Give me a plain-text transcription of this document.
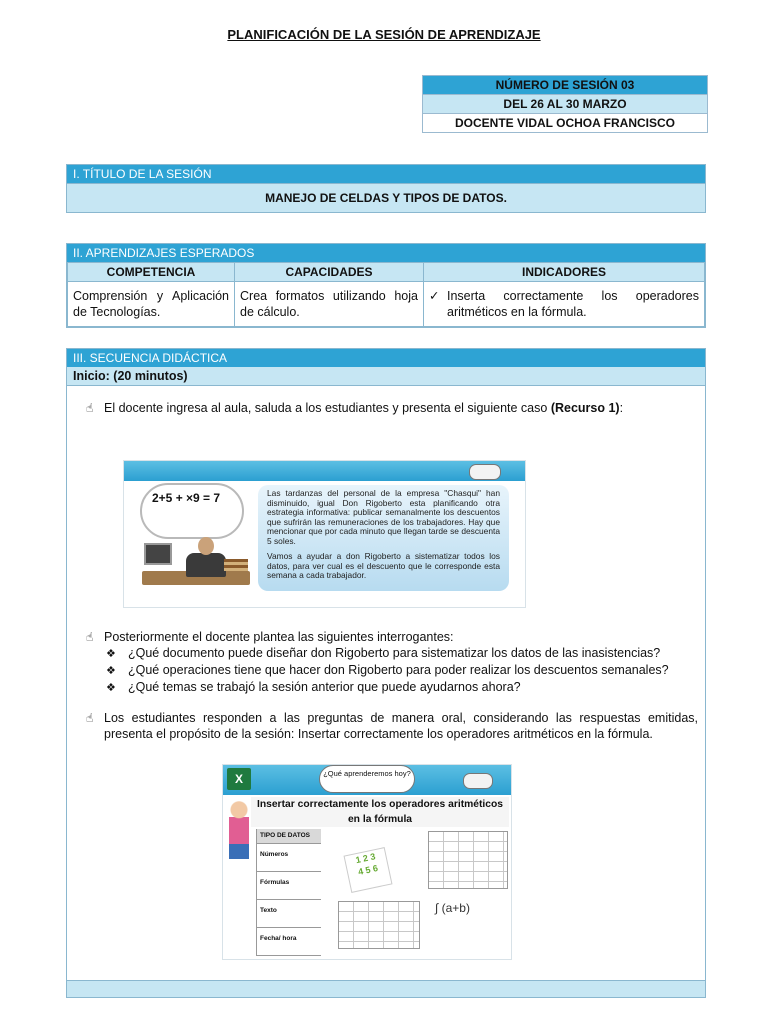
PLANIFICACIÓN DE LA SESIÓN DE APRENDIZAJE
NÚMERO DE SESIÓN 03
DEL 26 AL 30 MARZO
DOCENTE VIDAL OCHOA FRANCISCO
I. TÍTULO DE LA SESIÓN
MANEJO DE CELDAS Y TIPOS DE DATOS.
II. APRENDIZAJES ESPERADOS
COMPETENCIA	CAPACIDADES	INDICADORES
Comprensión y Aplicación de Tecnologías.	Crea formatos utilizando hoja de cálculo.	✓ Inserta correctamente los operadores aritméticos en la fórmula.
III. SECUENCIA DIDÁCTICA
Inicio: (20 minutos)
☝ El docente ingresa al aula, saluda a los estudiantes y presenta el siguiente caso (Recurso 1):
2+5 + ×9 = 7	Las tardanzas del personal de la empresa "Chasqui" han disminuido, igual Don Rigoberto esta planificando otra estrategia informativa: publicar semanalmente los descuentos que sufrirán las remuneraciones de los trabajadores. Hay que mencionar que por cada minuto que llegan tarde se descuenta 5 soles.

Vamos a ayudar a don Rigoberto a sistematizar todos los datos, para ver cual es el descuento que le corresponde esta semana a cada trabajador.

☝ Posteriormente el docente plantea las siguientes interrogantes:
❖ ¿Qué documento puede diseñar don Rigoberto para sistematizar los datos de las inasistencias?
❖ ¿Qué operaciones tiene que hacer don Rigoberto para poder realizar los descuentos semanales?
❖ ¿Qué temas se trabajó la sesión anterior que puede ayudarnos ahora?
☝ Los estudiantes responden a las preguntas de manera oral, considerando las respuestas emitidas, presenta el propósito de la sesión: Insertar correctamente los operadores aritméticos en la fórmula.
X	¿Qué aprenderemos hoy?
Insertar correctamente los operadores aritméticos en la fórmula
TIPO DE DATOS
Números
Fórmulas
Texto
Fecha/ hora
1 2 3
4 5 6
∫ (a+b)
